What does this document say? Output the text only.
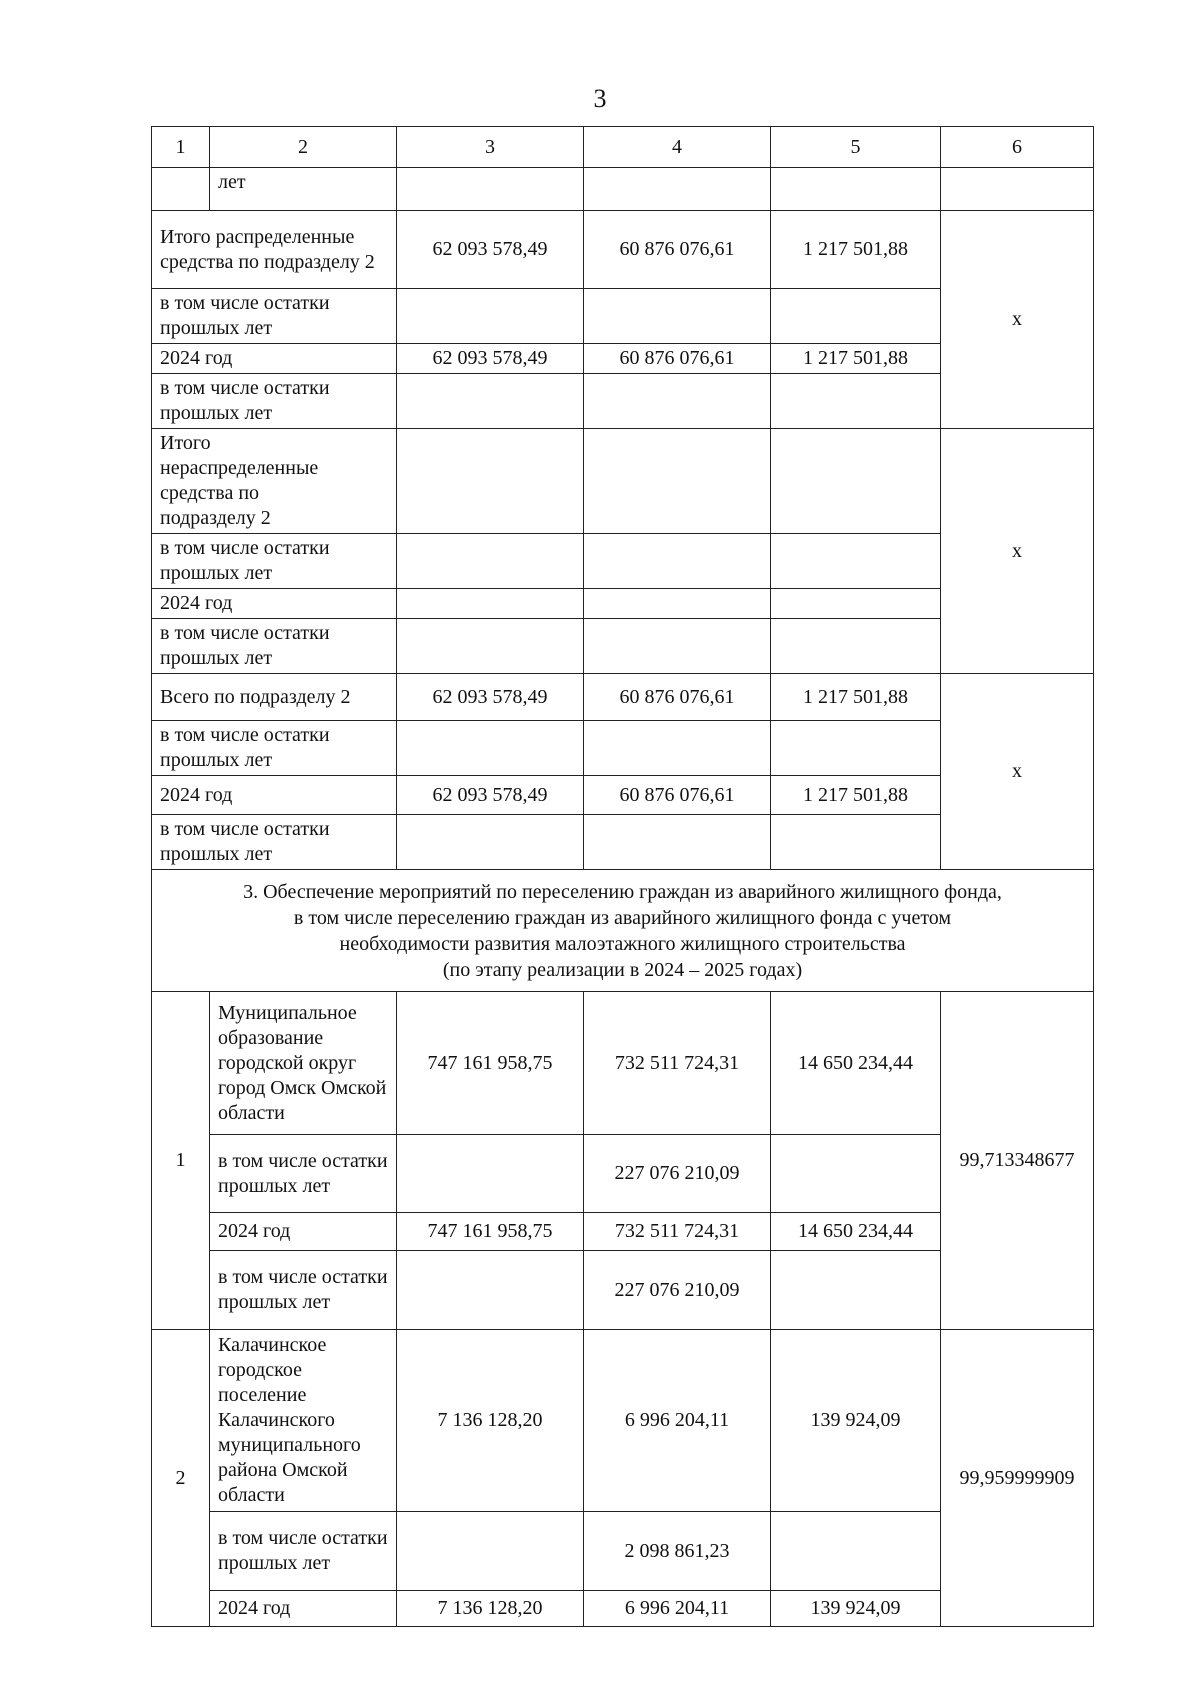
3
1	2	3	4	5	6
	лет				
Итого распределенные средства по подразделу 2		62 093 578,49	60 876 076,61	1 217 501,88	x
в том числе остатки прошлых лет					
2024 год		62 093 578,49	60 876 076,61	1 217 501,88	
в том числе остатки прошлых лет					
Итого нераспределенные средства по подразделу 2					x
в том числе остатки прошлых лет					
2024 год					
в том числе остатки прошлых лет					
Всего по подразделу 2		62 093 578,49	60 876 076,61	1 217 501,88	x
в том числе остатки прошлых лет					
2024 год		62 093 578,49	60 876 076,61	1 217 501,88	
в том числе остатки прошлых лет					

3. Обеспечение мероприятий по переселению граждан из аварийного жилищного фонда,
в том числе переселению граждан из аварийного жилищного фонда с учетом
необходимости развития малоэтажного жилищного строительства
(по этапу реализации в 2024 – 2025 годах)					

1	Муниципальное образование городской округ город Омск Омской области	747 161 958,75	732 511 724,31	14 650 234,44	99,713348677
	в том числе остатки прошлых лет		227 076 210,09		
	2024 год	747 161 958,75	732 511 724,31	14 650 234,44	
	в том числе остатки прошлых лет		227 076 210,09		
2	Калачинское городское поселение Калачинского муниципального района Омской области	7 136 128,20	6 996 204,11	139 924,09	99,959999909
	в том числе остатки прошлых лет		2 098 861,23		
	2024 год	7 136 128,20	6 996 204,11	139 924,09	
